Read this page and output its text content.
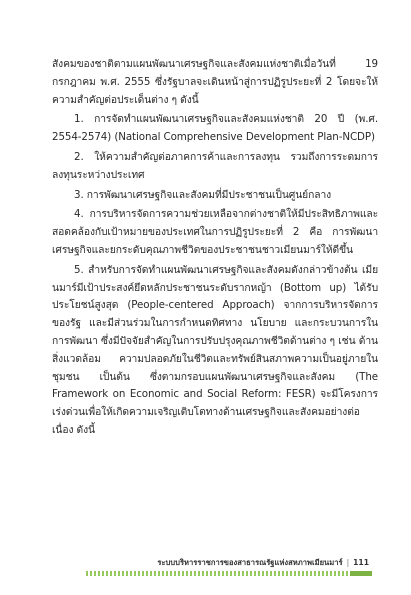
สังคมของชาติตามแผนพัฒนาเศรษฐกิจและสังคมแห่งชาติเมื่อวันที่ 19 กรกฎาคม พ.ศ. 2555 ซึ่งรัฐบาลจะเดินหน้าสู่การปฏิรูประยะที่ 2 โดยจะให้ความสำคัญต่อประเด็นต่าง ๆ ดังนี้

1. การจัดทำแผนพัฒนาเศรษฐกิจและสังคมแห่งชาติ 20 ปี (พ.ศ. 2554-2574) (National Comprehensive Development Plan-NCDP)

2. ให้ความสำคัญต่อภาคการค้าและการลงทุน รวมถึงการระดมการลงทุนระหว่างประเทศ

3. การพัฒนาเศรษฐกิจและสังคมที่มีประชาชนเป็นศูนย์กลาง

4. การบริหารจัดการความช่วยเหลือจากต่างชาติให้มีประสิทธิภาพและสอดคล้องกับเป้าหมายของประเทศในการปฏิรูประยะที่ 2 คือ การพัฒนาเศรษฐกิจและยกระดับคุณภาพชีวิตของประชาชนชาวเมียนมาร์ให้ดีขึ้น

5. สำหรับการจัดทำแผนพัฒนาเศรษฐกิจและสังคมดังกล่าวข้างต้น เมียนมาร์มีเป้าประสงค์ยึดหลักประชาชนระดับรากหญ้า (Bottom up) ได้รับประโยชน์สูงสุด (People-centered Approach) จากการบริหารจัดการของรัฐ และมีส่วนร่วมในการกำหนดทิศทาง นโยบาย และกระบวนการในการพัฒนา ซึ่งมีปัจจัยสำคัญในการปรับปรุงคุณภาพชีวิตด้านต่าง ๆ เช่น ด้านสิ่งแวดล้อม ความปลอดภัยในชีวิตและทรัพย์สินสภาพความเป็นอยู่ภายในชุมชน เป็นต้น ซึ่งตามกรอบแผนพัฒนาเศรษฐกิจและสังคม (The Framework on Economic and Social Reform: FESR) จะมีโครงการเร่งด่วนเพื่อให้เกิดความเจริญเติบโตทางด้านเศรษฐกิจและสังคมอย่างต่อเนื่อง ดังนี้

ระบบบริหารราชการของสาธารณรัฐแห่งสหภาพเมียนมาร์ | 111
